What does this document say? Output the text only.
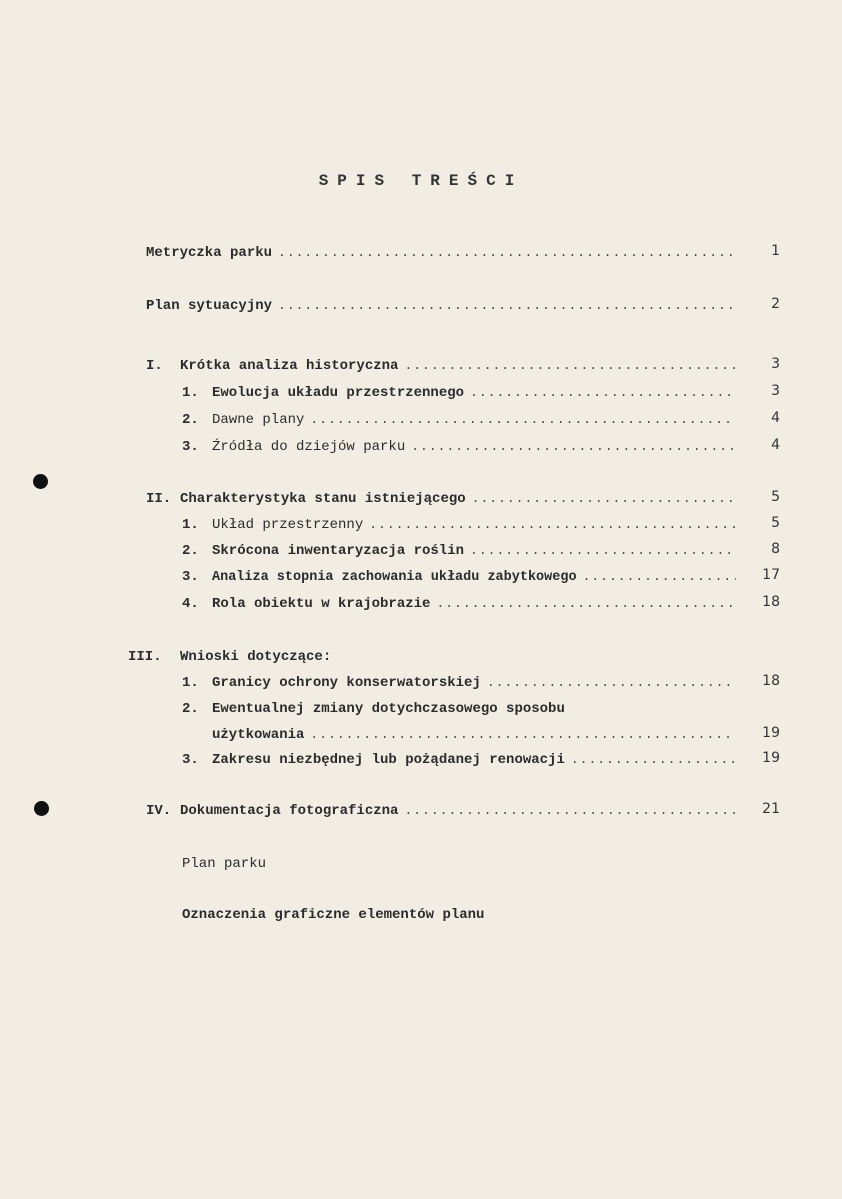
SPIS TREŚCI
Metryczka parku .....	1
Plan sytuacyjny .....	2
I.	Krótka analiza historyczna .....	3
1. Ewolucja układu przestrzennego .....	3
2. Dawne plany .....	4
3. Źródła do dziejów parku .....	4
II. Charakterystyka stanu istniejącego .....	5
1. Układ przestrzenny .....	5
2. Skrócona inwentaryzacja roślin .....	8
3. Analiza stopnia zachowania układu zabytkowego .....	17
4. Rola obiektu w krajobrazie .....	18
III.	Wnioski dotyczące:
1. Granicy ochrony konserwatorskiej .....	18
2. Ewentualnej zmiany dotychczasowego sposobu
użytkowania .....	19
3. Zakresu niezbędnej lub pożądanej renowacji .....	19
IV. Dokumentacja fotograficzna .....	21
Plan parku
Oznaczenia graficzne elementów planu
